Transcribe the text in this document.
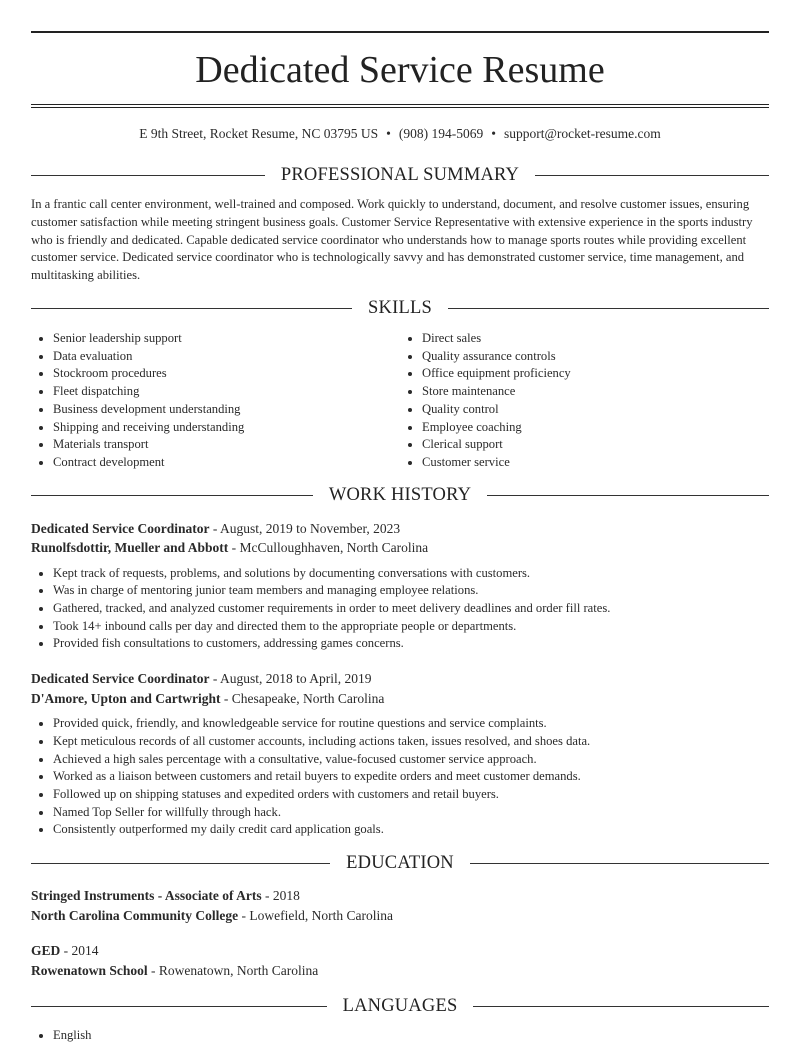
Dedicated Service Resume
E 9th Street, Rocket Resume, NC 03795 US • (908) 194-5069 • support@rocket-resume.com
PROFESSIONAL SUMMARY
In a frantic call center environment, well-trained and composed. Work quickly to understand, document, and resolve customer issues, ensuring customer satisfaction while meeting stringent business goals. Customer Service Representative with extensive experience in the sports industry who is friendly and dedicated. Capable dedicated service coordinator who understands how to manage sports routes while providing excellent customer service. Dedicated service coordinator who is technologically savvy and has demonstrated customer service, time management, and multitasking abilities.
SKILLS
• Senior leadership support
• Data evaluation
• Stockroom procedures
• Fleet dispatching
• Business development understanding
• Shipping and receiving understanding
• Materials transport
• Contract development
• Direct sales
• Quality assurance controls
• Office equipment proficiency
• Store maintenance
• Quality control
• Employee coaching
• Clerical support
• Customer service
WORK HISTORY
Dedicated Service Coordinator - August, 2019 to November, 2023
Runolfsdottir, Mueller and Abbott - McCulloughhaven, North Carolina
• Kept track of requests, problems, and solutions by documenting conversations with customers.
• Was in charge of mentoring junior team members and managing employee relations.
• Gathered, tracked, and analyzed customer requirements in order to meet delivery deadlines and order fill rates.
• Took 14+ inbound calls per day and directed them to the appropriate people or departments.
• Provided fish consultations to customers, addressing games concerns.
Dedicated Service Coordinator - August, 2018 to April, 2019
D'Amore, Upton and Cartwright - Chesapeake, North Carolina
• Provided quick, friendly, and knowledgeable service for routine questions and service complaints.
• Kept meticulous records of all customer accounts, including actions taken, issues resolved, and shoes data.
• Achieved a high sales percentage with a consultative, value-focused customer service approach.
• Worked as a liaison between customers and retail buyers to expedite orders and meet customer demands.
• Followed up on shipping statuses and expedited orders with customers and retail buyers.
• Named Top Seller for willfully through hack.
• Consistently outperformed my daily credit card application goals.
EDUCATION
Stringed Instruments - Associate of Arts - 2018
North Carolina Community College - Lowefield, North Carolina
GED - 2014
Rowenatown School - Rowenatown, North Carolina
LANGUAGES
• English
